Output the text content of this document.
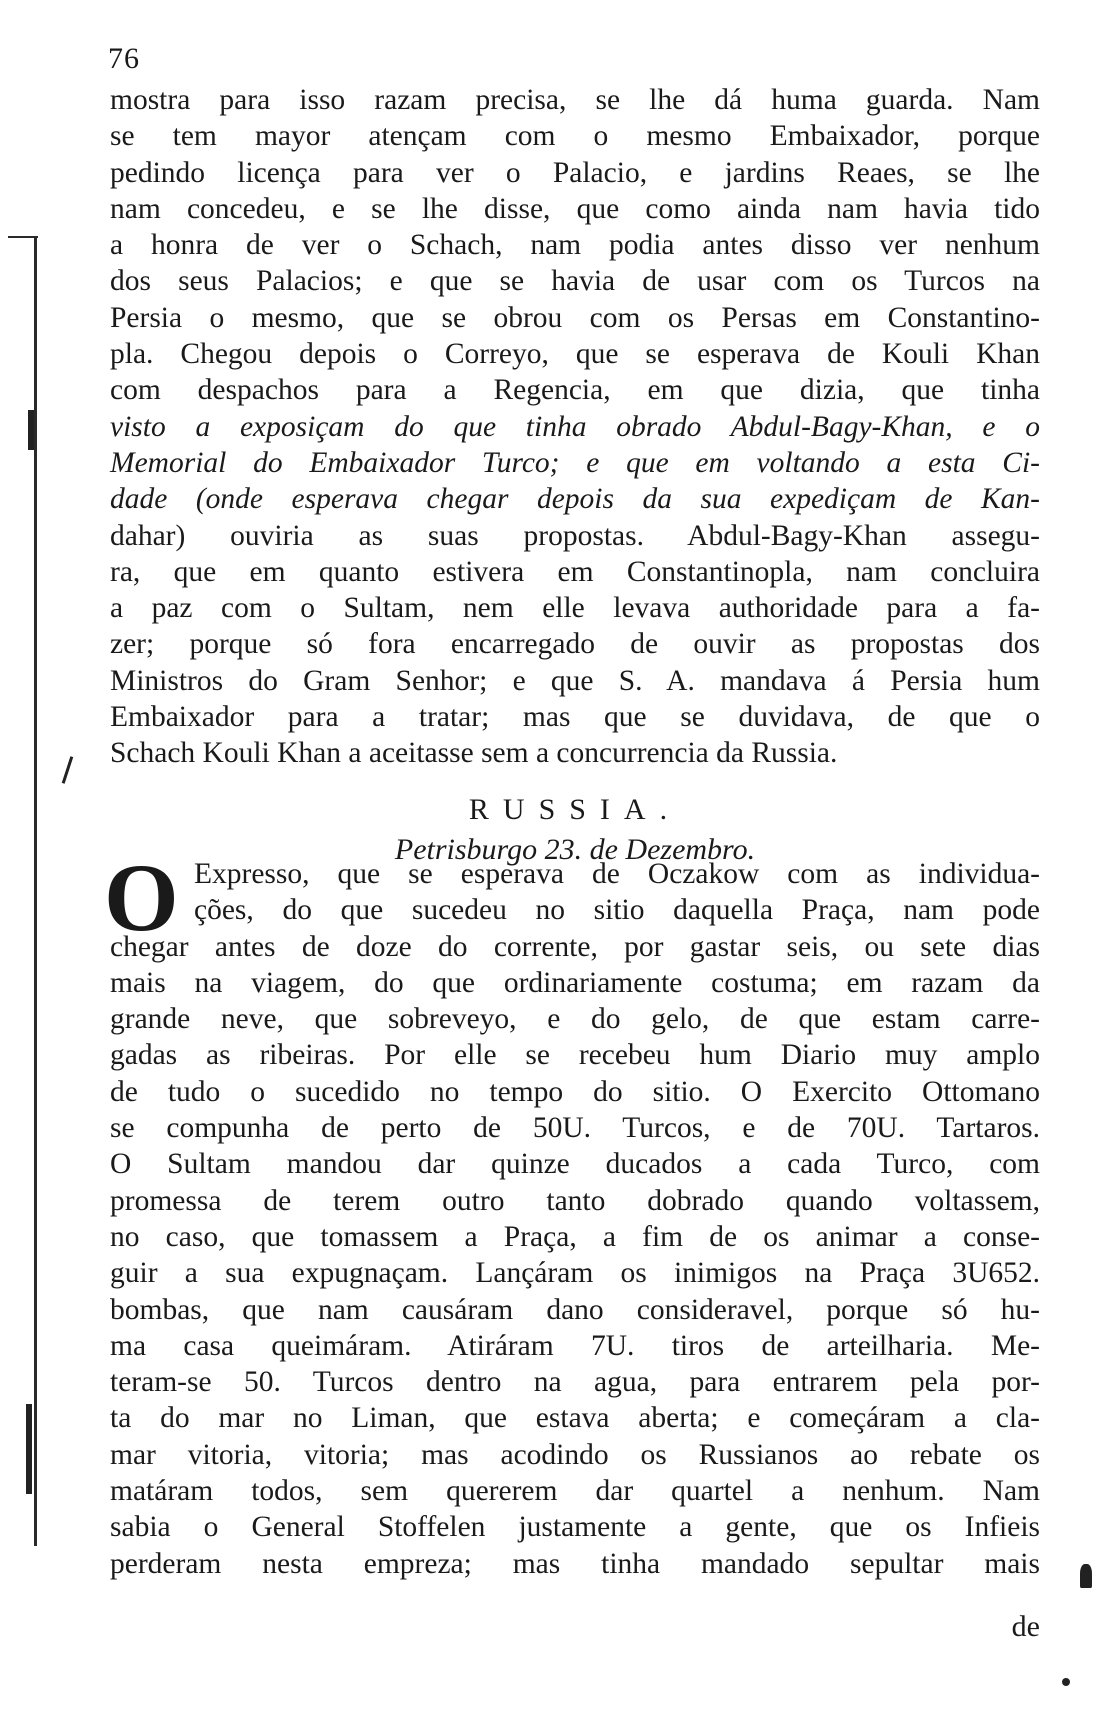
76
mostra para isso razam precisa, se lhe dá huma guarda. Nam
se tem mayor atençam com o mesmo Embaixador, porque
pedindo licença para ver o Palacio, e jardins Reaes, se lhe
nam concedeu, e se lhe disse, que como ainda nam havia tido
a honra de ver o Schach, nam podia antes disso ver nenhum
dos seus Palacios; e que se havia de usar com os Turcos na
Persia o mesmo, que se obrou com os Persas em Constantino-
pla. Chegou depois o Correyo, que se esperava de Kouli Khan
com despachos para a Regencia, em que dizia, que tinha
visto a exposiçam do que tinha obrado Abdul-Bagy-Khan, e o
Memorial do Embaixador Turco; e que em voltando a esta Ci-
dade (onde esperava chegar depois da sua expediçam de Kan-
dahar) ouviria as suas propostas. Abdul-Bagy-Khan assegu-
ra, que em quanto estivera em Constantinopla, nam concluira
a paz com o Sultam, nem elle levava authoridade para a fa-
zer; porque só fora encarregado de ouvir as propostas dos
Ministros do Gram Senhor; e que S. A. mandava á Persia hum
Embaixador para a tratar; mas que se duvidava, de que o
Schach Kouli Khan a aceitasse sem a concurrencia da Russia.
RUSSIA.
Petrisburgo 23. de Dezembro.
O Expresso, que se esperava de Oczakow com as individua-
ções, do que sucedeu no sitio daquella Praça, nam pode
chegar antes de doze do corrente, por gastar seis, ou sete dias
mais na viagem, do que ordinariamente costuma; em razam da
grande neve, que sobreveyo, e do gelo, de que estam carre-
gadas as ribeiras. Por elle se recebeu hum Diario muy amplo
de tudo o sucedido no tempo do sitio. O Exercito Ottomano
se compunha de perto de 50U. Turcos, e de 70U. Tartaros.
O Sultam mandou dar quinze ducados a cada Turco, com
promessa de terem outro tanto dobrado quando voltassem,
no caso, que tomassem a Praça, a fim de os animar a conse-
guir a sua expugnaçam. Lançáram os inimigos na Praça 3U652.
bombas, que nam causáram dano consideravel, porque só hu-
ma casa queimáram. Atiráram 7U. tiros de arteilharia. Me-
teram-se 50. Turcos dentro na agua, para entrarem pela por-
ta do mar no Liman, que estava aberta; e começáram a cla-
mar vitoria, vitoria; mas acodindo os Russianos ao rebate os
matáram todos, sem quererem dar quartel a nenhum. Nam
sabia o General Stoffelen justamente a gente, que os Infieis
perderam nesta empreza; mas tinha mandado sepultar mais
de
